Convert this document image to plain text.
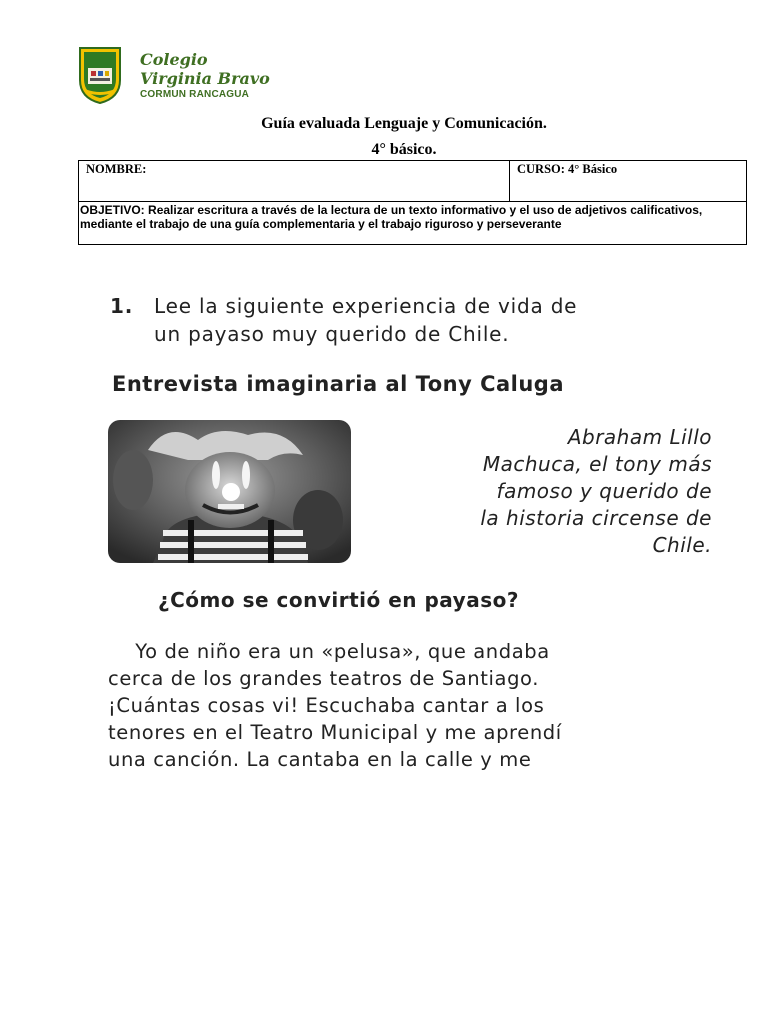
Colegio
Virginia Bravo
CORMUN RANCAGUA
Guía evaluada Lenguaje y Comunicación.
4° básico.
NOMBRE:	CURSO: 4° Básico

OBJETIVO: Realizar escritura a través de la lectura de un texto informativo y el uso de adjetivos calificativos, mediante el trabajo de una guía complementaria y el trabajo riguroso y perseverante
1. Lee la siguiente experiencia de vida de
un payaso muy querido de Chile.
Entrevista imaginaria al Tony Caluga
Abraham Lillo
Machuca, el tony más
famoso y querido de
la historia circense de
Chile.
¿Cómo se convirtió en payaso?
Yo de niño era un «pelusa», que andaba
cerca de los grandes teatros de Santiago.
¡Cuántas cosas vi! Escuchaba cantar a los
tenores en el Teatro Municipal y me aprendí
una canción. La cantaba en la calle y me
